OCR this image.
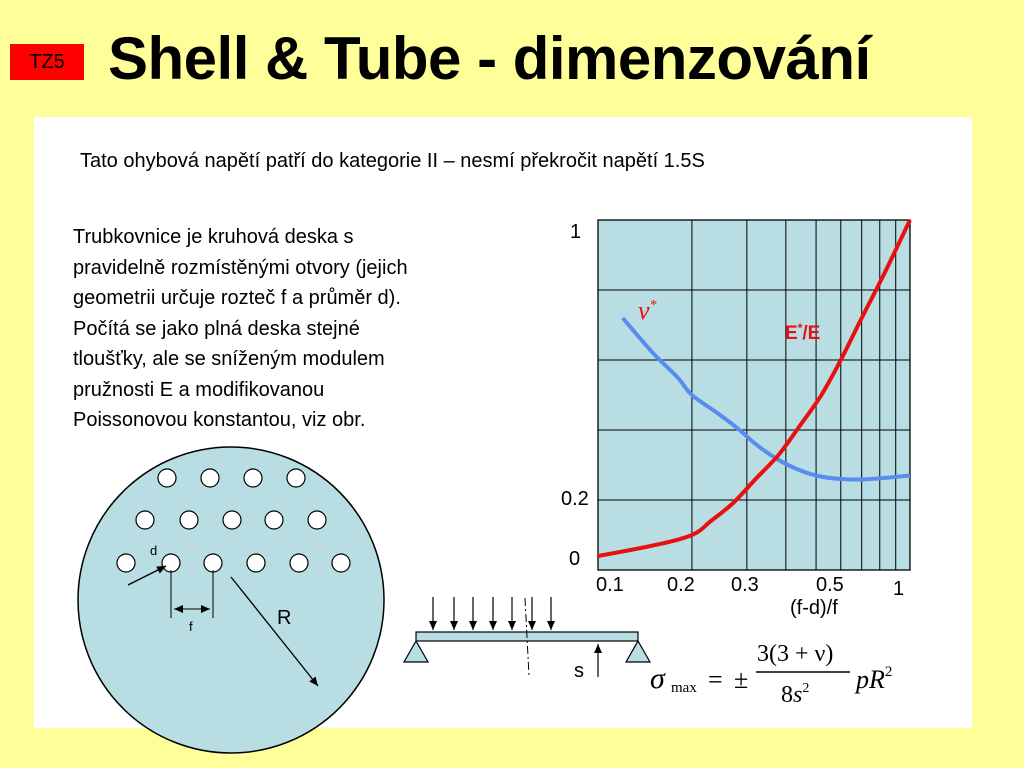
TZ5 Shell & Tube - dimenzování
Tato ohybová napětí patří do kategorie II – nesmí překročit napětí 1.5S
Trubkovnice je kruhová deska s
pravidelně rozmístěnými otvory (jejich
geometrii určuje rozteč f a průměr d).
Počítá se jako plná deska stejné
tloušťky, ale se sníženým modulem
pružnosti E a modifikovanou
Poissonovou konstantou, viz obr.
d
f	R
s
ν*
E*/E
1
0.2
0
0.1 0.2 0.3	0.5 1
(f-d)/f
σ max = ±
3(3 + ν)
$8s^2$ $pR^2$
